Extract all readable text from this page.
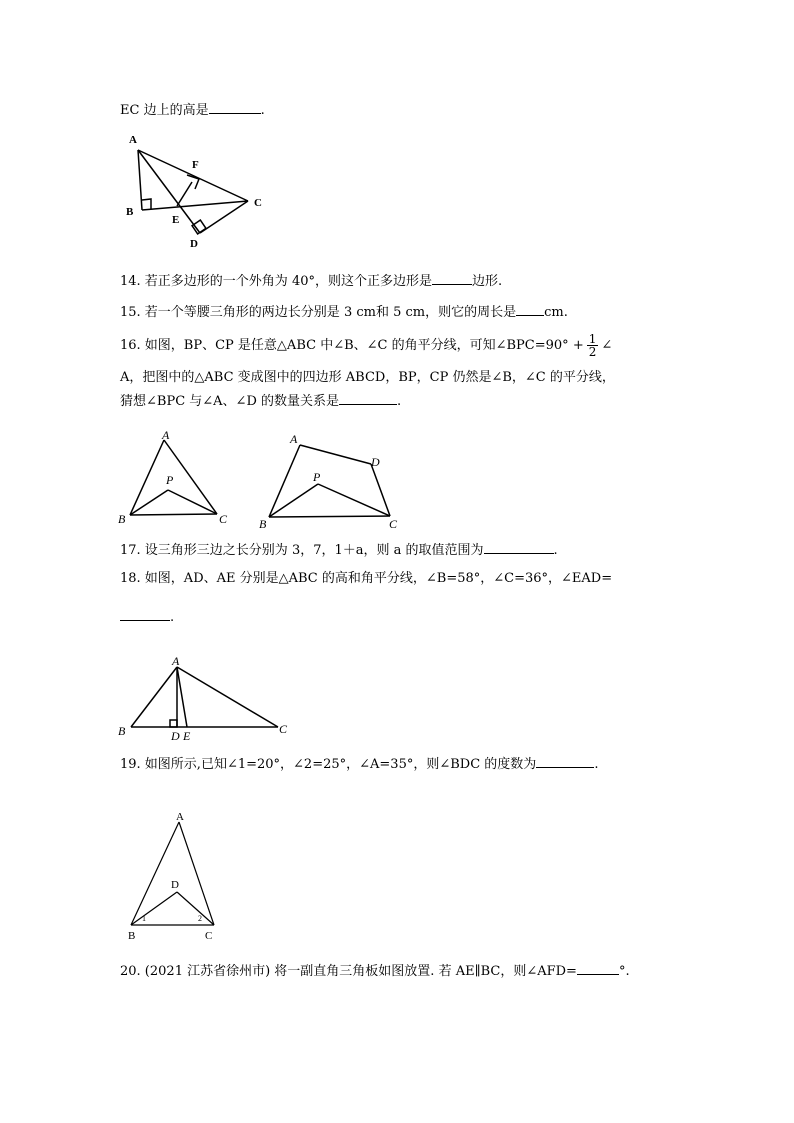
EC 边上的高是	.
A
B
C
D
E
F
14. 若正多边形的一个外角为 40°，则这个正多边形是	边形.
15. 若一个等腰三角形的两边长分别是 3 cm和 5 cm，则它的周长是 cm.
16. 如图，BP、CP 是任意△ABC 中∠B、∠C 的角平分线，可知∠BPC=90° + $\frac{1}{2}$ ∠
A，把图中的△ABC 变成图中的四边形 ABCD，BP，CP 仍然是∠B，∠C 的平分线，
猜想∠BPC 与∠A、∠D 的数量关系是	.
A
B	C
P
A
D
B	C
P
17. 设三角形三边之长分别为 3，7，1＋a，则 a 的取值范围为	.
18. 如图，AD、AE 分别是△ABC 的高和角平分线，∠B=58°，∠C=36°，∠EAD=
.
A
B	C
D E
19. 如图所示,已知∠1=20°，∠2=25°，∠A=35°，则∠BDC 的度数为	.
A
B	C
D
1	2
20. (2021 江苏省徐州市) 将一副直角三角板如图放置. 若 AE∥BC，则∠AFD=	°.
